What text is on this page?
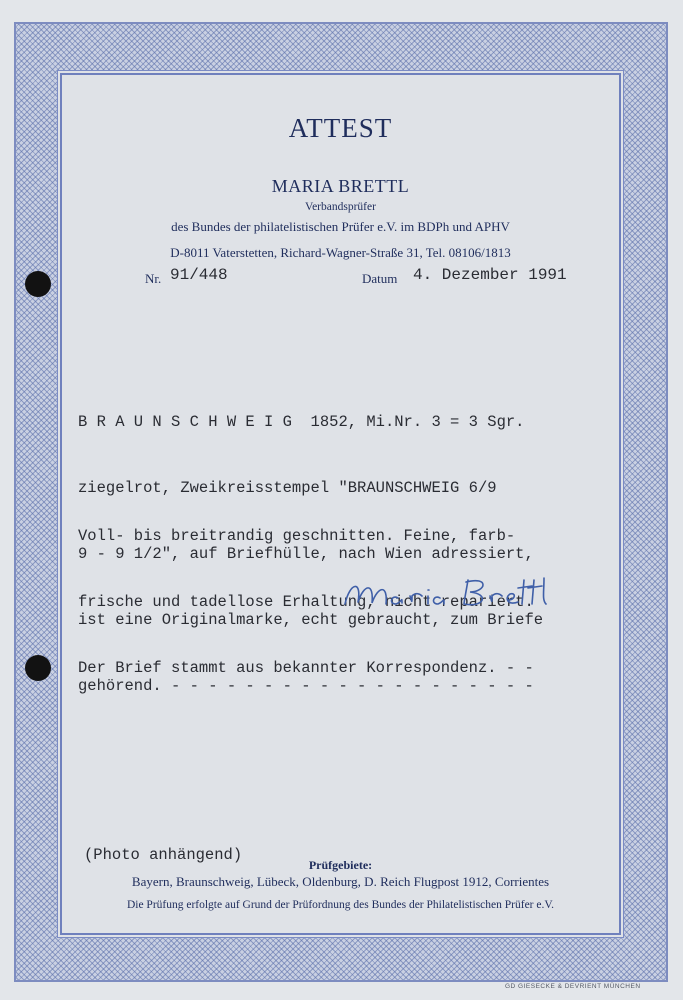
ATTEST
MARIA BRETTL
Verbandsprüfer
des Bundes der philatelistischen Prüfer e.V. im BDPh und APHV
D-8011 Vaterstetten, Richard-Wagner-Straße 31, Tel. 08106/1813
Nr. 91/448	Datum 4. Dezember 1991

B R A U N S C H W E I G  1852, Mi.Nr. 3 = 3 Sgr.

ziegelrot, Zweikreisstempel "BRAUNSCHWEIG 6/9

9 - 9 1/2", auf Briefhülle, nach Wien adressiert,

ist eine Originalmarke, echt gebraucht, zum Briefe

gehörend. - - - - - - - - - - - - - - - - - - - -

Voll- bis breitrandig geschnitten. Feine, farb-

frische und tadellose Erhaltung, nicht repariert.

Der Brief stammt aus bekannter Korrespondenz. - -

(Photo anhängend)
Prüfgebiete:
Bayern, Braunschweig, Lübeck, Oldenburg, D. Reich Flugpost 1912, Corrientes
Die Prüfung erfolgte auf Grund der Prüfordnung des Bundes der Philatelistischen Prüfer e.V.
GD GIESECKE & DEVRIENT MÜNCHEN
